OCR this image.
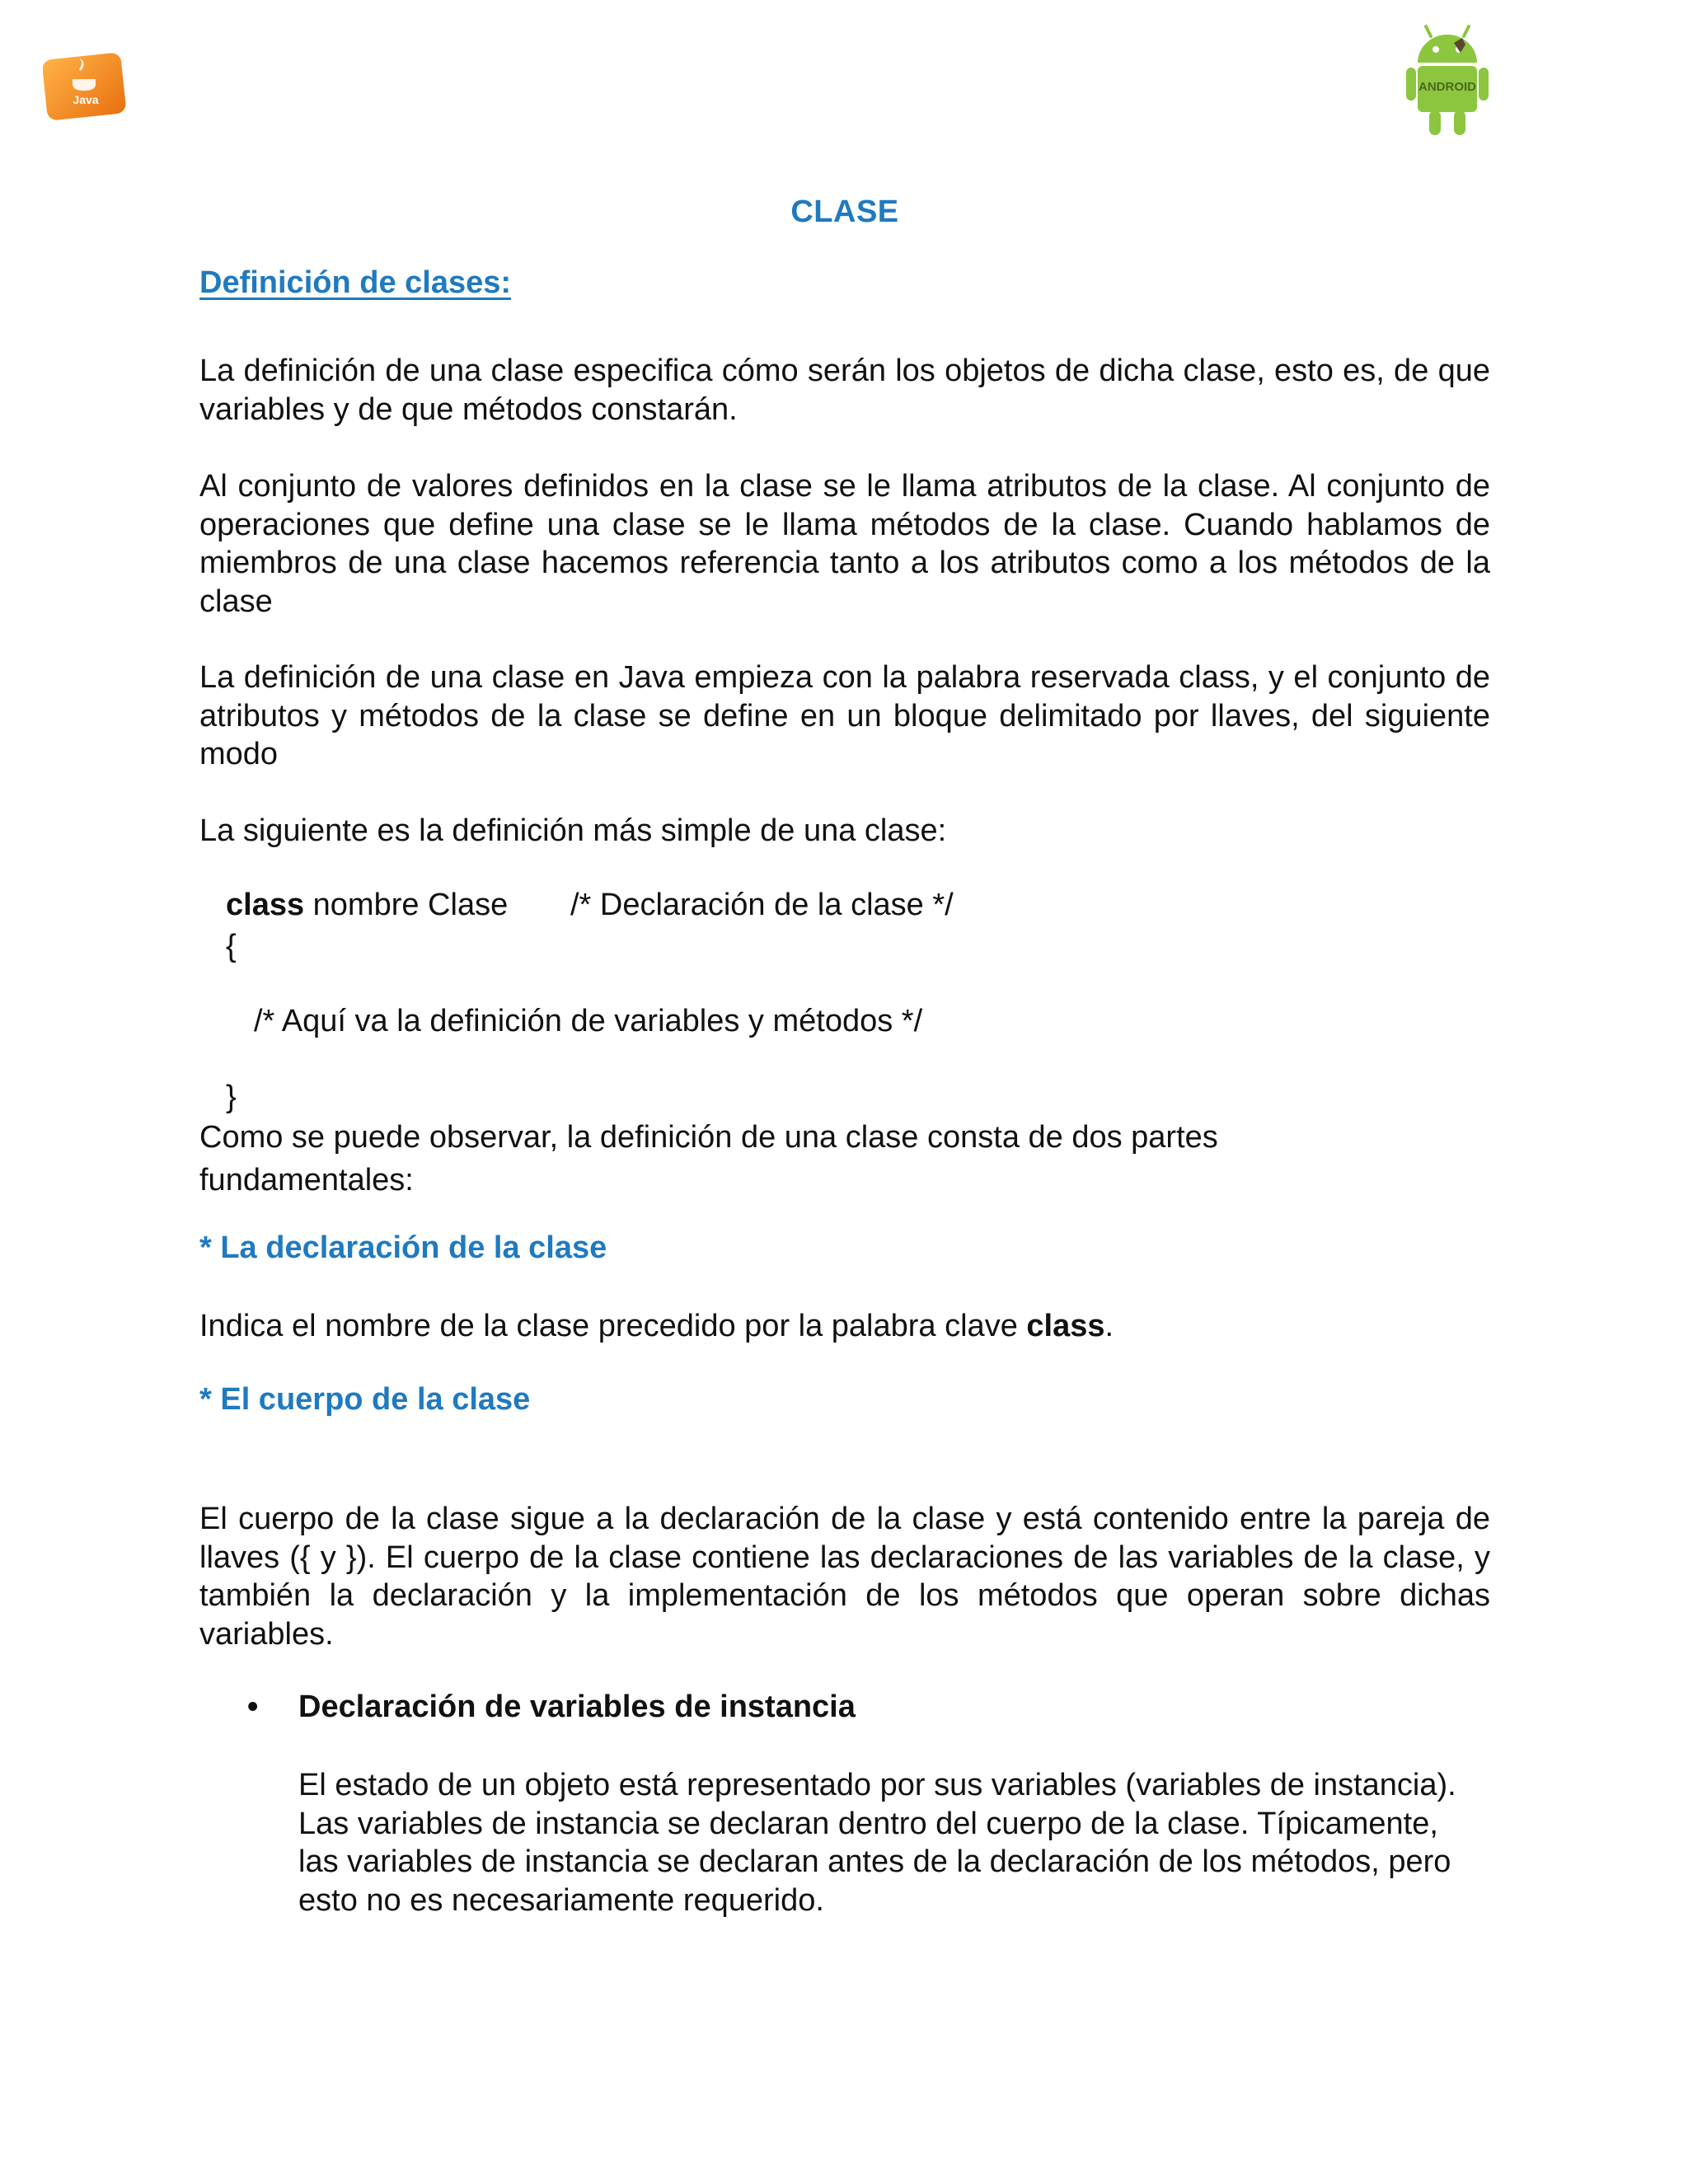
Java
ANDROID

CLASE

Definición de clases:

La definición de una clase especifica cómo serán los objetos de dicha clase, esto es, de que variables y de que métodos constarán.

Al conjunto de valores definidos en la clase se le llama atributos de la clase. Al conjunto de operaciones que define una clase se le llama métodos de la clase. Cuando hablamos de miembros de una clase hacemos referencia tanto a los atributos como a los métodos de la clase

La definición de una clase en Java empieza con la palabra reservada class, y el conjunto de atributos y métodos de la clase se define en un bloque delimitado por llaves, del siguiente modo

La siguiente es la definición más simple de una clase:

class nombre Clase /* Declaración de la clase */
{
/* Aquí va la definición de variables y métodos */
}

Como se puede observar, la definición de una clase consta de dos partes fundamentales:

* La declaración de la clase

Indica el nombre de la clase precedido por la palabra clave class.

* El cuerpo de la clase

El cuerpo de la clase sigue a la declaración de la clase y está contenido entre la pareja de llaves ({ y }). El cuerpo de la clase contiene las declaraciones de las variables de la clase, y también la declaración y la implementación de los métodos que operan sobre dichas variables.

• Declaración de variables de instancia

El estado de un objeto está representado por sus variables (variables de instancia). Las variables de instancia se declaran dentro del cuerpo de la clase. Típicamente, las variables de instancia se declaran antes de la declaración de los métodos, pero esto no es necesariamente requerido.
